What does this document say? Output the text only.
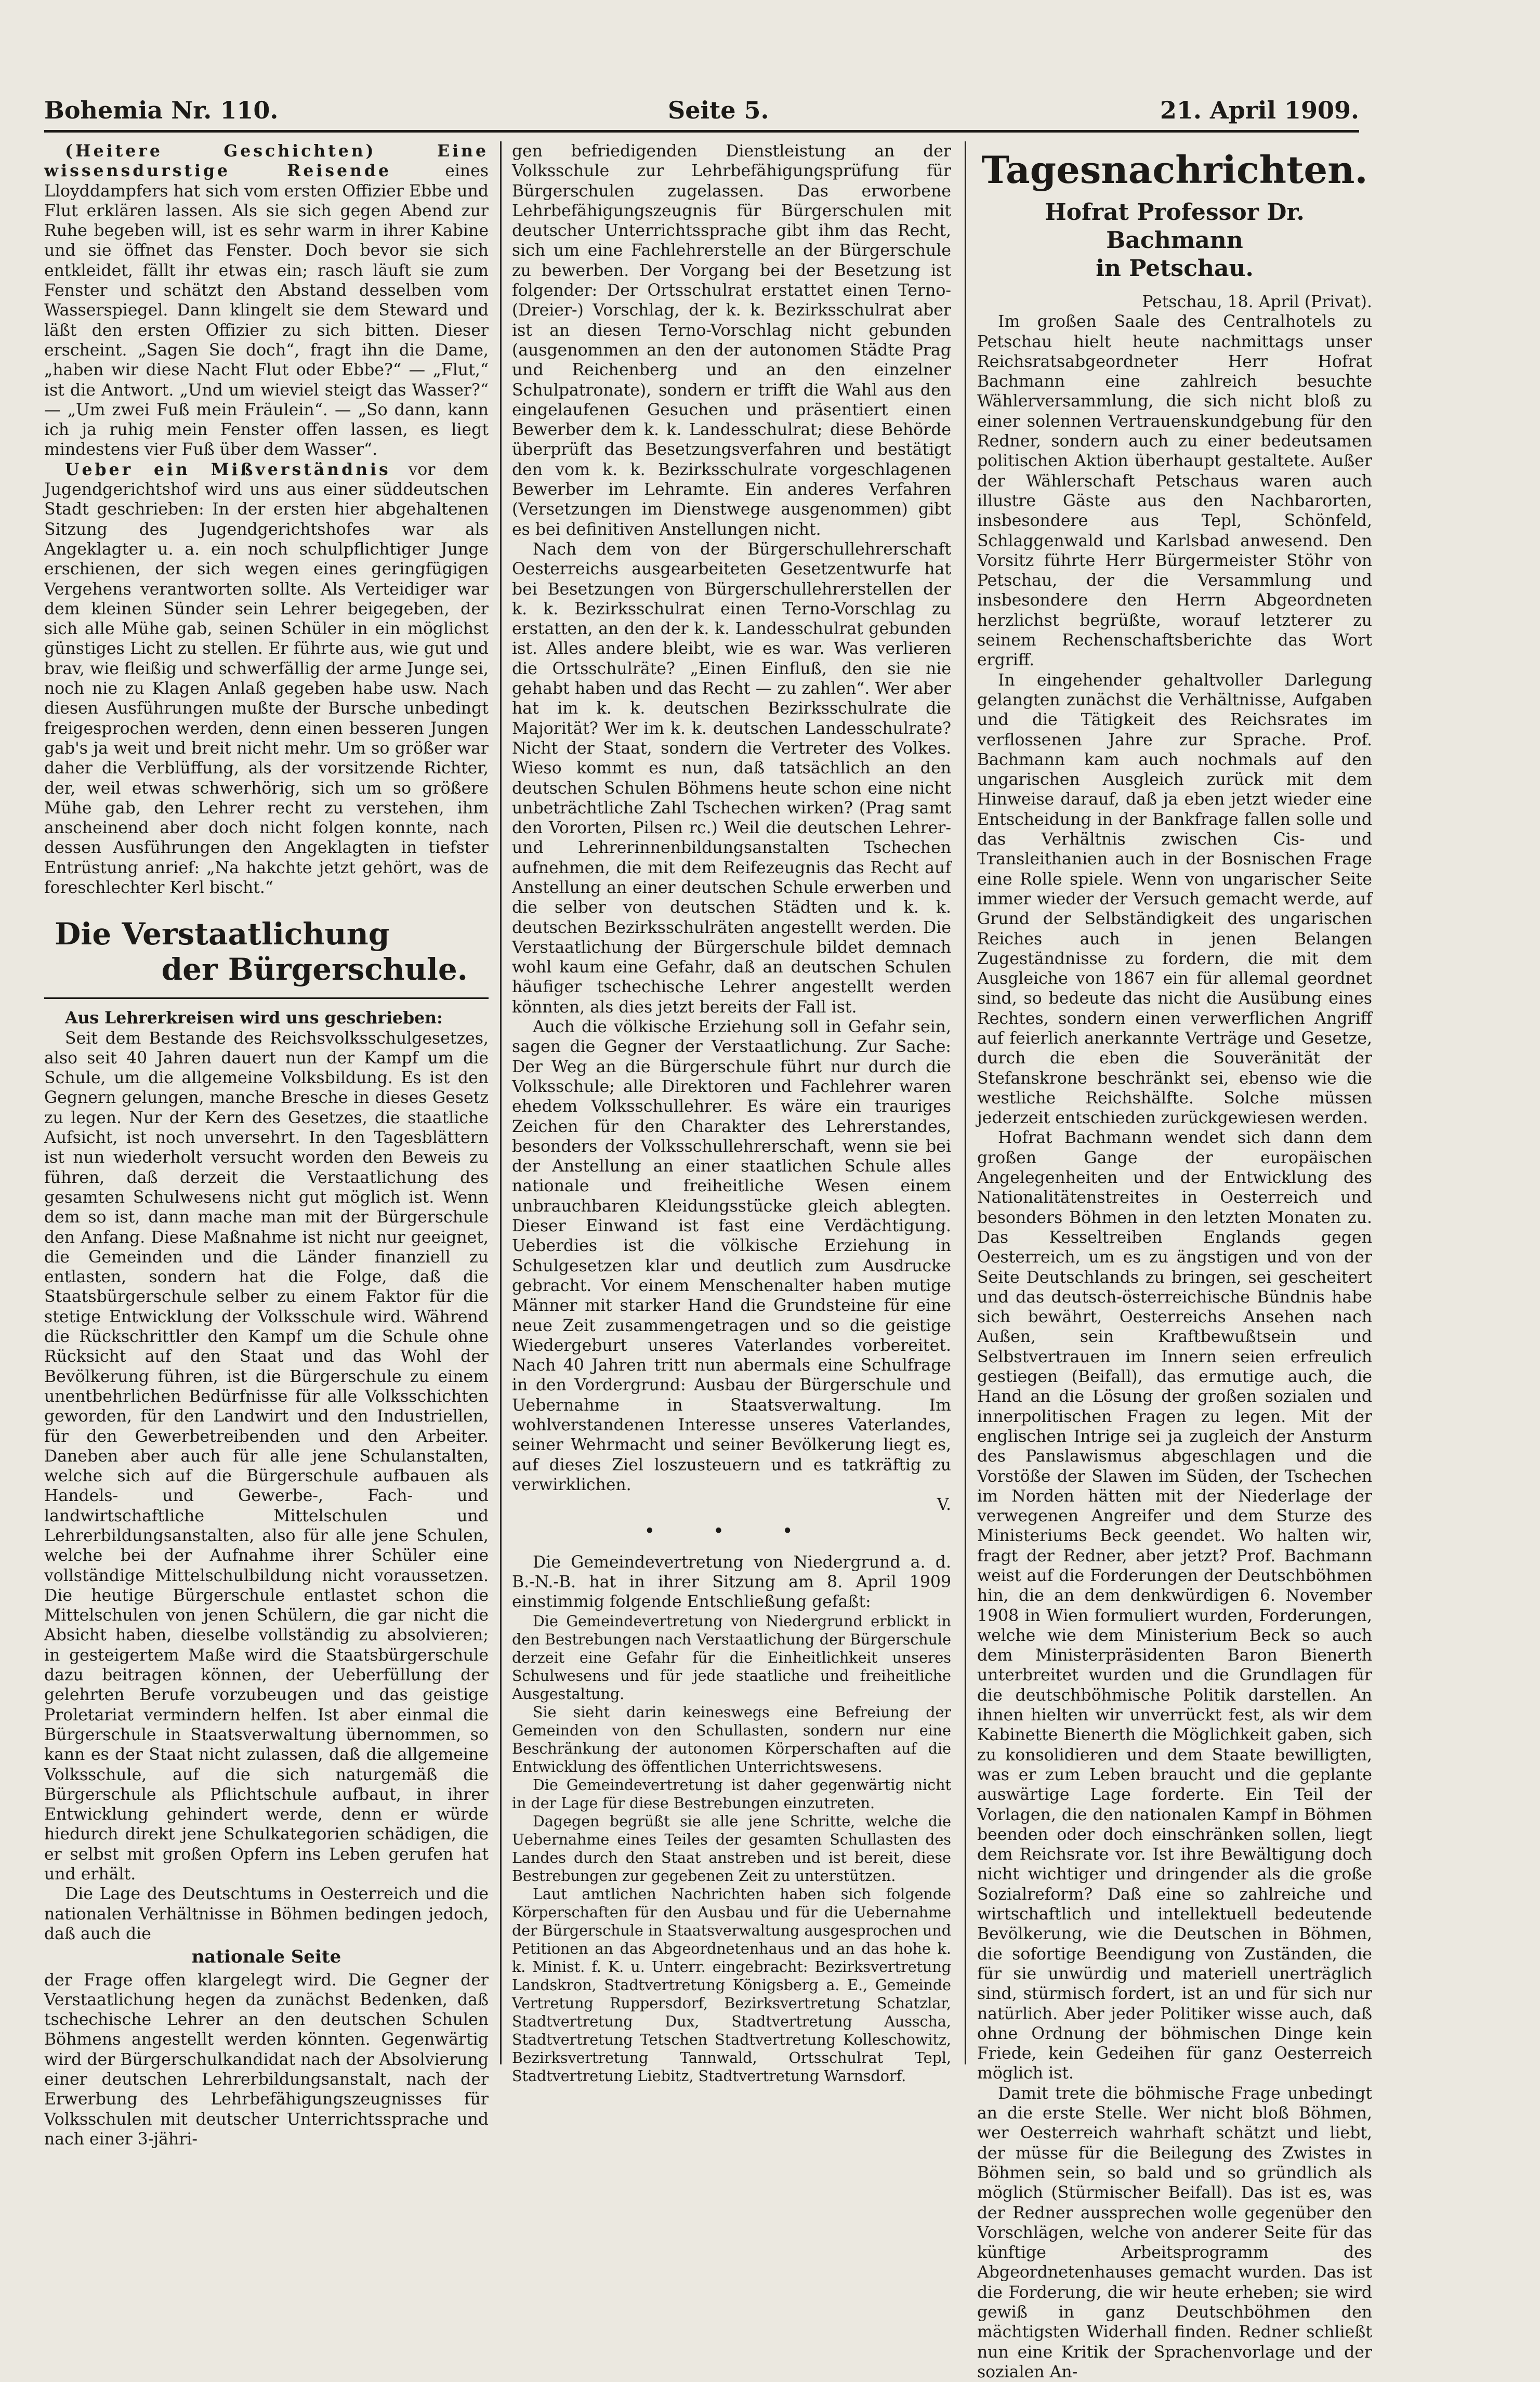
Bohemia Nr. 110.	Seite 5.	21. April 1909.

(Heitere Geschichten) Eine wissensdurstige Reisende	eines Lloyddampfers hat sich vom ersten Offizier Ebbe und Flut erklären lassen. Als sie sich gegen Abend zur Ruhe begeben will, ist es sehr warm in ihrer Kabine und sie öffnet das Fenster. Doch bevor sie sich entkleidet, fällt ihr etwas ein; rasch läuft sie zum Fenster und schätzt den Abstand desselben vom Wasserspiegel. Dann klingelt sie dem Steward und läßt den ersten Offizier zu sich bitten. Dieser erscheint. „Sagen Sie doch“, fragt ihn die Dame, „haben wir diese Nacht Flut oder Ebbe?“ — „Flut,“ ist die Antwort. „Und um wieviel steigt das Wasser?“ — „Um zwei Fuß mein Fräulein“. — „So dann, kann ich ja ruhig mein Fenster offen lassen, es liegt mindestens vier Fuß über dem Wasser“.

Ueber ein Mißverständnis vor dem Jugendgerichtshof wird uns aus einer süddeutschen Stadt geschrieben: In der ersten hier abgehaltenen Sitzung des Jugendgerichtshofes war als Angeklagter u. a. ein noch schulpflichtiger Junge erschienen, der sich wegen eines geringfügigen Vergehens verantworten sollte. Als Verteidiger war dem kleinen Sünder sein Lehrer beigegeben, der sich alle Mühe gab, seinen Schüler in ein möglichst günstiges Licht zu stellen. Er führte aus, wie gut und brav, wie fleißig und schwerfällig der arme Junge sei, noch nie zu Klagen Anlaß gegeben habe usw. Nach diesen Ausführungen mußte der Bursche unbedingt freigesprochen werden, denn einen besseren Jungen gab's ja weit und breit nicht mehr. Um so größer war daher die Verblüffung, als der vorsitzende Richter, der, weil etwas schwerhörig, sich um so größere Mühe gab, den Lehrer recht zu verstehen, ihm anscheinend aber doch nicht folgen konnte, nach dessen Ausführungen den Angeklagten in tiefster Entrüstung anrief: „Na hakchte jetzt gehört, was de foreschlechter Kerl bischt.“

Die Verstaatlichung
der Bürgerschule.

Aus Lehrerkreisen wird uns geschrieben:

Seit dem Bestande des Reichsvolksschulgesetzes, also seit 40 Jahren dauert nun der Kampf um die Schule, um die allgemeine Volksbildung. Es ist den Gegnern gelungen, manche Bresche in dieses Gesetz zu legen. Nur der Kern des Gesetzes, die staatliche Aufsicht, ist noch unversehrt. In den Tagesblättern ist nun wiederholt versucht worden den Beweis zu führen, daß derzeit die Verstaatlichung des gesamten Schulwesens nicht gut möglich ist. Wenn dem so ist, dann mache man mit der Bürgerschule den Anfang. Diese Maßnahme ist nicht nur geeignet, die Gemeinden und die Länder finanziell zu entlasten, sondern hat die Folge, daß die Staatsbürgerschule selber zu einem Faktor für die stetige Entwicklung der Volksschule wird. Während die Rückschrittler den Kampf um die Schule ohne Rücksicht auf den Staat und das Wohl der Bevölkerung führen, ist die Bürgerschule zu einem unentbehrlichen Bedürfnisse für alle Volksschichten geworden, für den Landwirt und den Industriellen, für den Gewerbetreibenden und den Arbeiter. Daneben aber auch für alle jene Schulanstalten, welche sich auf die Bürgerschule aufbauen als Handels- und Gewerbe-, Fach- und landwirtschaftliche Mittelschulen und Lehrerbildungsanstalten, also für alle jene Schulen, welche bei der Aufnahme ihrer Schüler eine vollständige Mittelschulbildung nicht voraussetzen. Die heutige Bürgerschule entlastet schon die Mittelschulen von jenen Schülern, die gar nicht die Absicht haben, dieselbe vollständig zu absolvieren; in gesteigertem Maße wird die Staatsbürgerschule dazu beitragen können, der Ueberfüllung der gelehrten Berufe vorzubeugen und das geistige Proletariat vermindern helfen. Ist aber einmal die Bürgerschule in Staatsverwaltung übernommen, so kann es der Staat nicht zulassen, daß die allgemeine Volksschule, auf die sich naturgemäß die Bürgerschule als Pflichtschule aufbaut, in ihrer Entwicklung gehindert werde, denn er würde hiedurch direkt jene Schulkategorien schädigen, die er selbst mit großen Opfern ins Leben gerufen hat und erhält.

Die Lage des Deutschtums in Oesterreich und die nationalen Verhältnisse in Böhmen bedingen jedoch, daß auch die

nationale Seite

der Frage offen klargelegt wird. Die Gegner der Verstaatlichung hegen da zunächst Bedenken, daß tschechische Lehrer an den deutschen Schulen Böhmens angestellt werden könnten. Gegenwärtig wird der Bürgerschulkandidat nach der Absolvierung einer deutschen Lehrerbildungsanstalt, nach der Erwerbung des Lehrbefähigungszeugnisses für Volksschulen mit deutscher Unterrichtssprache und nach einer 3-jähri-

gen befriedigenden Dienstleistung an der Volksschule zur Lehrbefähigungsprüfung für Bürgerschulen zugelassen. Das erworbene Lehrbefähigungszeugnis für Bürgerschulen mit deutscher Unterrichtssprache gibt ihm das Recht, sich um eine Fachlehrerstelle an der Bürgerschule zu bewerben. Der Vorgang bei der Besetzung ist folgender: Der Ortsschulrat erstattet einen Terno- (Dreier-) Vorschlag, der k. k. Bezirksschulrat aber ist an diesen Terno-Vorschlag nicht gebunden (ausgenommen an den der autonomen Städte Prag und Reichenberg und an den einzelner Schulpatronate), sondern er trifft die Wahl aus den eingelaufenen Gesuchen und präsentiert einen Bewerber dem k. k. Landesschulrat; diese Behörde überprüft das Besetzungsverfahren und bestätigt den vom k. k. Bezirksschulrate vorgeschlagenen Bewerber im Lehramte. Ein anderes Verfahren (Versetzungen im Dienstwege ausgenommen) gibt es bei definitiven Anstellungen nicht.

Nach dem von der Bürgerschullehrerschaft Oesterreichs ausgearbeiteten Gesetzentwurfe hat bei Besetzungen von Bürgerschullehrerstellen der k. k. Bezirksschulrat einen Terno-Vorschlag zu erstatten, an den der k. k. Landesschulrat gebunden ist. Alles andere bleibt, wie es war. Was verlieren die Ortsschulräte? „Einen Einfluß, den sie nie gehabt haben und das Recht — zu zahlen“. Wer aber hat im k. k. deutschen Bezirksschulrate die Majorität? Wer im k. k. deutschen Landesschulrate? Nicht der Staat, sondern die Vertreter des Volkes. Wieso kommt es nun, daß tatsächlich an den deutschen Schulen Böhmens heute schon eine nicht unbeträchtliche Zahl Tschechen wirken? (Prag samt den Vororten, Pilsen rc.) Weil die deutschen Lehrer- und Lehrerinnenbildungsanstalten Tschechen aufnehmen, die mit dem Reifezeugnis das Recht auf Anstellung an einer deutschen Schule erwerben und die selber von deutschen Städten und k. k. deutschen Bezirksschulräten angestellt werden. Die Verstaatlichung der Bürgerschule bildet demnach wohl kaum eine Gefahr, daß an deutschen Schulen häufiger tschechische Lehrer angestellt werden könnten, als dies jetzt bereits der Fall ist.

Auch die völkische Erziehung soll in Gefahr sein, sagen die Gegner der Verstaatlichung. Zur Sache: Der Weg an die Bürgerschule führt nur durch die Volksschule; alle Direktoren und Fachlehrer waren ehedem Volksschullehrer. Es wäre ein trauriges Zeichen für den Charakter des Lehrerstandes, besonders der Volksschullehrerschaft, wenn sie bei der Anstellung an einer staatlichen Schule alles nationale und freiheitliche Wesen einem unbrauchbaren Kleidungsstücke gleich ablegten. Dieser Einwand ist fast eine Verdächtigung. Ueberdies ist die völkische Erziehung in Schulgesetzen klar und deutlich zum Ausdrucke gebracht. Vor einem Menschenalter haben mutige Männer mit starker Hand die Grundsteine für eine neue Zeit zusammengetragen und so die geistige Wiedergeburt unseres Vaterlandes vorbereitet. Nach 40 Jahren tritt nun abermals eine Schulfrage in den Vordergrund: Ausbau der Bürgerschule und Uebernahme in Staatsverwaltung. Im wohlverstandenen Interesse unseres Vaterlandes, seiner Wehrmacht und seiner Bevölkerung liegt es, auf dieses Ziel loszusteuern und es tatkräftig zu verwirklichen.

V.

• • •

Die Gemeindevertretung von Niedergrund a. d. B.-N.-B. hat in ihrer Sitzung am 8. April 1909 einstimmig folgende Entschließung gefaßt:

Die Gemeindevertretung von Niedergrund erblickt in den Bestrebungen nach Verstaatlichung der Bürgerschule derzeit eine Gefahr für die Einheitlichkeit unseres Schulwesens und für jede staatliche und freiheitliche Ausgestaltung.

Sie sieht darin keineswegs eine Befreiung der Gemeinden von den Schullasten, sondern nur eine Beschränkung der autonomen Körperschaften auf die Entwicklung des öffentlichen Unterrichtswesens.

Die Gemeindevertretung ist daher gegenwärtig nicht in der Lage für diese Bestrebungen einzutreten.

Dagegen begrüßt sie alle jene Schritte, welche die Uebernahme eines Teiles der gesamten Schullasten des Landes durch den Staat anstreben und ist bereit, diese Bestrebungen zur gegebenen Zeit zu unterstützen.

Laut amtlichen Nachrichten haben sich folgende Körperschaften für den Ausbau und für die Uebernahme der Bürgerschule in Staatsverwaltung ausgesprochen und Petitionen an das Abgeordnetenhaus und an das hohe k. k. Minist. f. K. u. Unterr. eingebracht: Bezirksvertretung Landskron, Stadtvertretung Königsberg a. E., Gemeinde Vertretung Ruppersdorf, Bezirksvertretung Schatzlar, Stadtvertretung Dux, Stadtvertretung Ausscha, Stadtvertretung Tetschen Stadtvertretung Kolleschowitz, Bezirksvertretung Tannwald, Ortsschulrat Tepl, Stadtvertretung Liebitz, Stadtvertretung Warnsdorf.

Tagesnachrichten.
Hofrat Professor Dr. Bachmann
in Petschau.

Petschau, 18. April (Privat).

Im großen Saale des Centralhotels zu Petschau hielt heute nachmittags unser Reichsratsabgeordneter Herr Hofrat Bachmann eine zahlreich besuchte Wählerversammlung, die sich nicht bloß zu einer solennen Vertrauenskundgebung für den Redner, sondern auch zu einer bedeutsamen politischen Aktion überhaupt gestaltete. Außer der Wählerschaft Petschaus waren auch illustre Gäste aus den Nachbarorten, insbesondere aus Tepl, Schönfeld, Schlaggenwald und Karlsbad anwesend. Den Vorsitz führte Herr Bürgermeister Stöhr von Petschau, der die Versammlung und insbesondere den Herrn Abgeordneten herzlichst begrüßte, worauf letzterer zu seinem Rechenschaftsberichte das Wort ergriff.

In eingehender gehaltvoller Darlegung gelangten zunächst die Verhältnisse, Aufgaben und die Tätigkeit des Reichsrates im verflossenen Jahre zur Sprache. Prof. Bachmann kam auch nochmals auf den ungarischen Ausgleich zurück mit dem Hinweise darauf, daß ja eben jetzt wieder eine Entscheidung in der Bankfrage fallen solle und das Verhältnis zwischen Cis- und Transleithanien auch in der Bosnischen Frage eine Rolle spiele. Wenn von ungarischer Seite immer wieder der Versuch gemacht werde, auf Grund der Selbständigkeit des ungarischen Reiches auch in jenen Belangen Zugeständnisse zu fordern, die mit dem Ausgleiche von 1867 ein für allemal geordnet sind, so bedeute das nicht die Ausübung eines Rechtes, sondern einen verwerflichen Angriff auf feierlich anerkannte Verträge und Gesetze, durch die eben die Souveränität der Stefanskrone beschränkt sei, ebenso wie die westliche Reichshälfte. Solche müssen jederzeit entschieden zurückgewiesen werden.

Hofrat Bachmann wendet sich dann dem großen Gange der europäischen Angelegenheiten und der Entwicklung des Nationalitätenstreites in Oesterreich und besonders Böhmen in den letzten Monaten zu. Das Kesseltreiben Englands gegen Oesterreich, um es zu ängstigen und von der Seite Deutschlands zu bringen, sei gescheitert und das deutsch-österreichische Bündnis habe sich bewährt, Oesterreichs Ansehen nach Außen, sein Kraftbewußtsein und Selbstvertrauen im Innern seien erfreulich gestiegen (Beifall), das ermutige auch, die Hand an die Lösung der großen sozialen und innerpolitischen Fragen zu legen. Mit der englischen Intrige sei ja zugleich der Ansturm des Panslawismus abgeschlagen und die Vorstöße der Slawen im Süden, der Tschechen im Norden hätten mit der Niederlage der verwegenen Angreifer und dem Sturze des Ministeriums Beck geendet. Wo halten wir, fragt der Redner, aber jetzt? Prof. Bachmann weist auf die Forderungen der Deutschböhmen hin, die an dem denkwürdigen 6. November 1908 in Wien formuliert wurden, Forderungen, welche wie dem Ministerium Beck so auch dem Ministerpräsidenten Baron Bienerth unterbreitet wurden und die Grundlagen für die deutschböhmische Politik darstellen. An ihnen hielten wir unverrückt fest, als wir dem Kabinette Bienerth die Möglichkeit gaben, sich zu konsolidieren und dem Staate bewilligten, was er zum Leben braucht und die geplante auswärtige Lage forderte. Ein Teil der Vorlagen, die den nationalen Kampf in Böhmen beenden oder doch einschränken sollen, liegt dem Reichsrate vor. Ist ihre Bewältigung doch nicht wichtiger und dringender als die große Sozialreform? Daß eine so zahlreiche und wirtschaftlich und intellektuell bedeutende Bevölkerung, wie die Deutschen in Böhmen, die sofortige Beendigung von Zuständen, die für sie unwürdig und materiell unerträglich sind, stürmisch fordert, ist an und für sich nur natürlich. Aber jeder Politiker wisse auch, daß ohne Ordnung der böhmischen Dinge kein Friede, kein Gedeihen für ganz Oesterreich möglich ist.

Damit trete die böhmische Frage unbedingt an die erste Stelle. Wer nicht bloß Böhmen, wer Oesterreich wahrhaft schätzt und liebt, der müsse für die Beilegung des Zwistes in Böhmen sein, so bald und so gründlich als möglich (Stürmischer Beifall). Das ist es, was der Redner aussprechen wolle gegenüber den Vorschlägen, welche von anderer Seite für das künftige Arbeitsprogramm des Abgeordnetenhauses gemacht wurden. Das ist die Forderung, die wir heute erheben; sie wird gewiß in ganz Deutschböhmen den mächtigsten Widerhall finden. Redner schließt nun eine Kritik der Sprachenvorlage und der sozialen An-
